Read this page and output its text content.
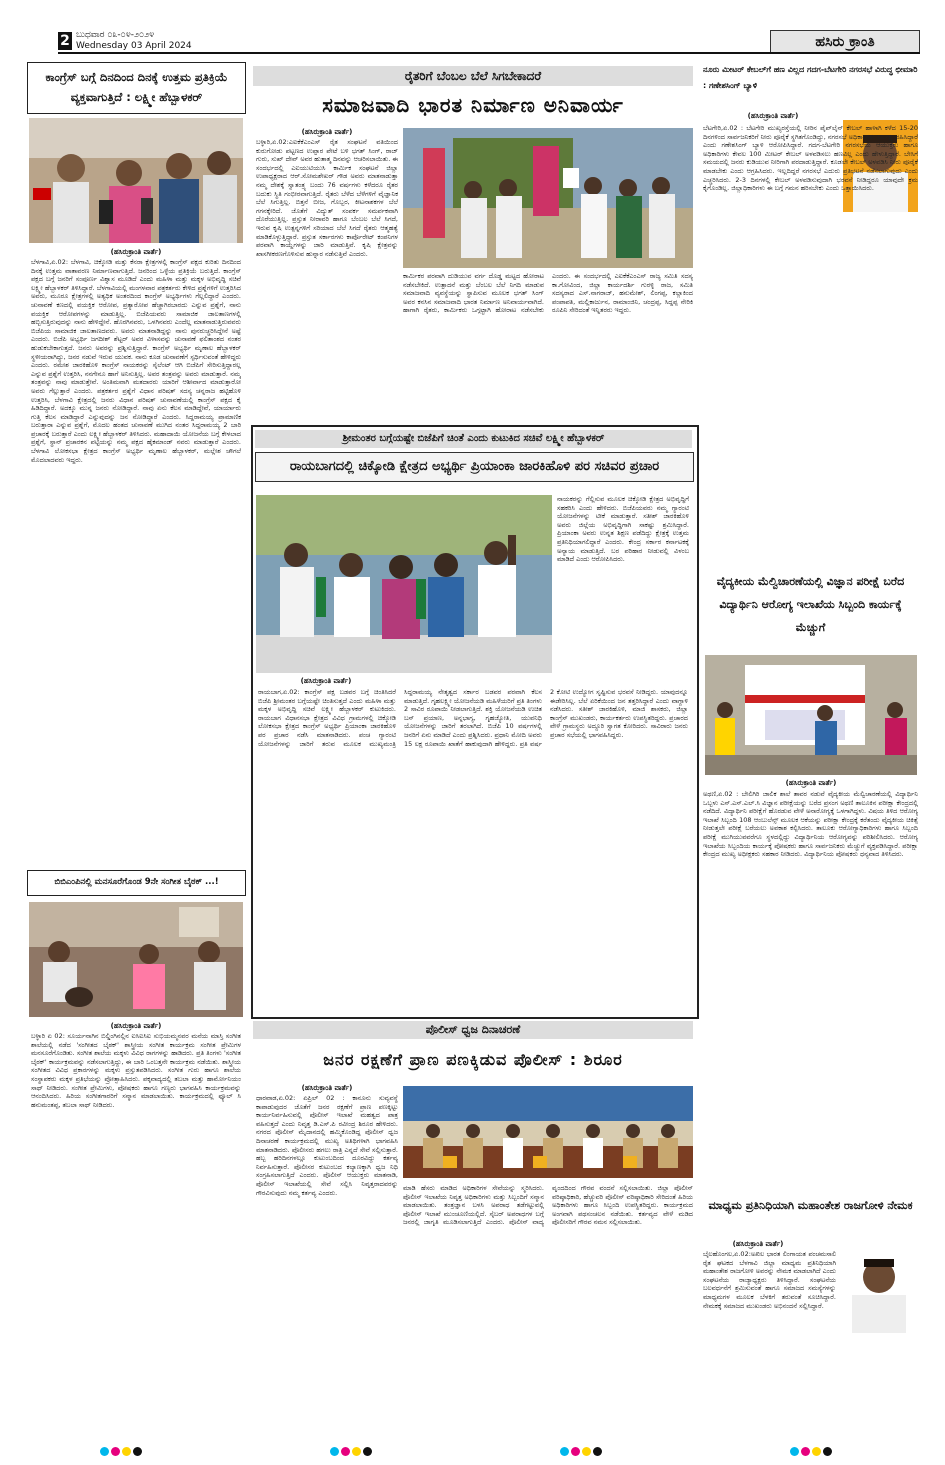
2 ಬುಧವಾರ ೦೩-೦೪-೨೦೨೪
Wednesday 03 April 2024	ಹಸಿರು ಕ್ರಾಂತಿ
ಕಾಂಗ್ರೆಸ್ ಬಗ್ಗೆ ದಿನದಿಂದ ದಿನಕ್ಕೆ ಉತ್ತಮ ಪ್ರತಿಕ್ರಿಯೆ ವ್ಯಕ್ತವಾಗುತ್ತಿದೆ : ಲಕ್ಷ್ಮೀ ಹೆಬ್ಬಾಳಕರ್
(ಹಸಿರುಕ್ರಾಂತಿ ವಾರ್ತೆ)
ಬೆಳಗಾವಿ,ಏ.02: ಬೆಳಗಾವಿ, ಚಿಕ್ಕೋಡಿ ಮತ್ತು ಕೆನರಾ ಕ್ಷೇತ್ರಗಳಲ್ಲಿ ಕಾಂಗ್ರೆಸ್ ಪಕ್ಷದ ಕುರಿತು ದಿನದಿಂದ ದಿನಕ್ಕೆ ಉತ್ತಮ ವಾತಾವರಣ ನಿರ್ಮಾಣವಾಗುತ್ತಿದೆ. ಜನರಿಂದ ಒಳ್ಳೆಯ ಪ್ರತಿಕ್ರಿಯೆ ಬರುತ್ತಿದೆ. ಕಾಂಗ್ರೆಸ್ ಪಕ್ಷದ ಬಗ್ಗೆ ಜನರಿಗೆ ಸಂಪೂರ್ಣ ವಿಶ್ವಾಸ ಮೂಡಿದೆ ಎಂದು ಮಹಿಳಾ ಮತ್ತು ಮಕ್ಕಳ ಅಭಿವೃದ್ಧಿ ಸಚಿವೆ ಲಕ್ಷ್ಮೀ ಹೆಬ್ಬಾಳಕರ್ ತಿಳಿಸಿದ್ದಾರೆ. ಬೆಳಗಾವಿಯಲ್ಲಿ ಮಂಗಳವಾರ ಪತ್ರಕರ್ತರು ಕೇಳಿದ ಪ್ರಶ್ನೆಗಳಿಗೆ ಉತ್ತರಿಸಿದ ಅವರು, ಮೂರೂ ಕ್ಷೇತ್ರಗಳಲ್ಲಿ ಅತ್ಯಧಿಕ ಅಂತರದಿಂದ ಕಾಂಗ್ರೆಸ್ ಅಭ್ಯರ್ಥಿಗಳು ಗೆಲ್ಲಲಿದ್ದಾರೆ ಎಂದರು. ಚುನಾವಣೆ ಕಣದಲ್ಲಿ ವಯಕ್ತಿಕ ಆರೋಪ, ಪ್ರತ್ಯಾರೋಪ ಹೆಚ್ಚಾಗಿರಬಾರದು ಎನ್ನುವ ಪ್ರಶ್ನೆಗೆ, ನಾನು ವಯಕ್ತಿಕ ಆರೋಪಗಳನ್ನು ಮಾಡುತ್ತಿಲ್ಲ. ಬಿಜೆಪಿಯವರು ಸಾಮಾಜಿಕ ಜಾಲತಾಣಗಳಲ್ಲಿ ಹಬ್ಬಿಸುತ್ತಿರುವುದನ್ನು ನಾನು ಹೇಳಿದ್ದೇನೆ. ಹೊರಗಿನವರು, ಒಳಗಿನವರು ಎಂದೆಲ್ಲ ಮಾತನಾಡುತ್ತಿರುವವರು ಬಿಜೆಪಿಯ ಸಾಮಾಜಿಕ ಜಾಲತಾಣದವರು. ಅವರು ಮಾತನಾಡಿದ್ದನ್ನು ನಾನು ಪುನರುಚ್ಚರಿಸಿದ್ದೇನೆ ಅಷ್ಟೆ ಎಂದರು. ಬಿಜೆಪಿ ಅಭ್ಯರ್ಥಿ ಜಗದೀಶ್ ಶೆಟ್ಟರ್ ಅವರ ವಿಳಾಸವನ್ನು ಚುನಾವಣೆ ಫಲಿತಾಂಶದ ನಂತರ ಹುಡುಕಬೇಕಾಗುತ್ತದೆ. ಜನರು ಅವರನ್ನು ಪ್ರಶ್ನಿಸುತ್ತಿದ್ದಾರೆ. ಕಾಂಗ್ರೆಸ್ ಅಭ್ಯರ್ಥಿ ಮೃಣಾಲ ಹೆಬ್ಬಾಳಕರ್ ಸ್ಥಳೀಯರಾಗಿದ್ದು, ಜನರ ನಡುವೆ ಇರುವ ಯುವಕ. ನಾನು ಕೂಡ ಚುನಾವಣೆಗೆ ಸ್ಪರ್ಧಿಸುವಂತೆ ಹೇಳಿದ್ದರು ಎಂದರು. ರಮೇಶ ಜಾರಕಿಹೊಳಿ ಕಾಂಗ್ರೆಸ್ ನಾಯಕರನ್ನು ಸೈಲೆಂಟ್ ಆಗಿ ಬಿಜೆಪಿಗೆ ಸೇರಿಸುತ್ತಿದ್ದಾರಲ್ಲ ಎನ್ನುವ ಪ್ರಶ್ನೆಗೆ ಉತ್ತರಿಸಿ, ನನಗೇನೂ ಹಾಗೆ ಅನಿಸುತ್ತಿಲ್ಲ. ಅವರ ತಂತ್ರವನ್ನು ಅವರು ಮಾಡುತ್ತಾರೆ. ನಮ್ಮ ತಂತ್ರವನ್ನು ನಾವು ಮಾಡುತ್ತೇವೆ. ಅಂತಿಮವಾಗಿ ಮತದಾರರು ಯಾರಿಗೆ ಆಶೀರ್ವಾದ ಮಾಡುತ್ತಾರೋ ಅವರು ಗೆಲ್ಲುತ್ತಾರೆ ಎಂದರು. ಪತ್ರಕರ್ತರ ಪ್ರಶ್ನೆಗೆ ವಿಧಾನ ಪರಿಷತ್ ಸದಸ್ಯ ಚನ್ನರಾಜ ಹಟ್ಟಿಹೊಳಿ ಉತ್ತರಿಸಿ, ಬೆಳಗಾವಿ ಕ್ಷೇತ್ರದಲ್ಲಿ ಜನರು ವಿಧಾನ ಪರಿಷತ್ ಚುನಾವಣೆಯಲ್ಲಿ ಕಾಂಗ್ರೆಸ್ ಪಕ್ಷದ ಕೈ ಹಿಡಿದಿದ್ದಾರೆ. ಅದಕ್ಕೂ ಮುನ್ನ ಜನರು ನೋಡಿದ್ದಾರೆ. ನಾವು ಏನು ಕೆಲಸ ಮಾಡಿದ್ದೇವೆ, ಯಾರ್ಯಾರು ಗುತ್ತಿ ಕೆಲಸ ಮಾಡಿದ್ದಾರೆ ಎನ್ನುವುದನ್ನು ಜನ ನೋಡಿದ್ದಾರೆ ಎಂದರು. ಸಿದ್ದರಾಮಯ್ಯ ಪ್ರಾಮಾಣಿಕ ಬರುತ್ತಾರಾ ಎನ್ನುವ ಪ್ರಶ್ನೆಗೆ, ಮೊದಲ ಹಂತದ ಚುನಾವಣೆ ಮುಗಿದ ನಂತರ ಸಿದ್ದರಾಮಯ್ಯ 2 ಬಾರಿ ಪ್ರಚಾರಕ್ಕೆ ಬರುತ್ತಾರೆ ಎಂದು ಲಕ್ಷ್ಮೀ ಹೆಬ್ಬಾಳಕರ್ ತಿಳಿಸಿದರು. ಮಹಾದಾಯಿ ಯೋಜನೆಯ ಬಗ್ಗೆ ಕೇಳಲಾದ ಪ್ರಶ್ನೆಗೆ, ಸ್ಥಾನ್ ಪ್ರಚಾರಕನ ಪಟ್ಟಿಯನ್ನು ನಮ್ಮ ಪಕ್ಷದ ಹೈಕಮಾಂಡ್ ನವರು ಮಾಡುತ್ತಾರೆ ಎಂದರು. ಬೆಳಗಾವಿ ಲೋಕಸಭಾ ಕ್ಷೇತ್ರದ ಕಾಂಗ್ರೆಸ್ ಅಭ್ಯರ್ಥಿ ಮೃಣಾಲ ಹೆಬ್ಬಾಳಕರ್, ಮಲ್ಲೇಶ ಚೌಗಲೆ ಮೊದಲಾದವರು ಇದ್ದರು.
ಬಿಬಿಎಂಪಿನಲ್ಲಿ ಮನಸೂರೆಗೊಂಡ 9ನೇ ಸಂಗೀತ ಬೈಠಕ್ ...!
(ಹಸಿರುಕ್ರಾಂತಿ ವಾರ್ತೆ)
ಬಳ್ಳಾರಿ ಏ 02: ಸೂರ್ಯನಾಗಿನ ಬಿಲ್ಡಿಂಗಿನಲ್ಲಿನ ಐಸಿಐಸಿಐ ಸುಭಿಯಮ್ಮನವರ ಮನೆಯ ಮಾಸ್ತಿ ಸಂಗೀತ ಶಾಲೆಯಲ್ಲಿ ನಡೆದ 'ಸಂಗೀತದ ಬೈಠಕ್' ಶಾಸ್ತ್ರೀಯ ಸಂಗೀತ ಕಾರ್ಯಕ್ರಮ ಸಂಗೀತ ಪ್ರೇಮಿಗಳ ಮನಸೂರೆಗೊಂಡಿತು. ಸಂಗೀತ ಶಾಲೆಯ ಮಕ್ಕಳು ವಿವಿಧ ರಾಗಗಳನ್ನು ಹಾಡಿದರು. ಪ್ರತಿ ತಿಂಗಳು 'ಸಂಗೀತ ಬೈಠಕ್' ಕಾರ್ಯಕ್ರಮವನ್ನು ನಡೆಸಲಾಗುತ್ತಿದ್ದು, ಈ ಬಾರಿ ಒಂಬತ್ತನೇ ಕಾರ್ಯಕ್ರಮ ನಡೆಯಿತು. ಶಾಸ್ತ್ರೀಯ ಸಂಗೀತದ ವಿವಿಧ ಪ್ರಕಾರಗಳನ್ನು ಮಕ್ಕಳು ಪ್ರಸ್ತುತಪಡಿಸಿದರು. ಸಂಗೀತ ಗುರು ಹಾಗೂ ಶಾಲೆಯ ಸಂಸ್ಥಾಪಕರು ಮಕ್ಕಳ ಪ್ರತಿಭೆಯನ್ನು ಪ್ರೋತ್ಸಾಹಿಸಿದರು. ಪಕ್ಕವಾದ್ಯದಲ್ಲಿ ತಬಲಾ ಮತ್ತು ಹಾರ್ಮೋನಿಯಂ ಸಾಥ್ ನೀಡಿದರು. ಸಂಗೀತ ಪ್ರೇಮಿಗಳು, ಪೋಷಕರು ಹಾಗೂ ಗಣ್ಯರು ಭಾಗವಹಿಸಿ ಕಾರ್ಯಕ್ರಮವನ್ನು ಆನಂದಿಸಿದರು. ಹಿರಿಯ ಸಂಗೀತಗಾರರಿಗೆ ಸನ್ಮಾನ ಮಾಡಲಾಯಿತು. ಕಾರ್ಯಕ್ರಮದಲ್ಲಿ ಫ್ಯೂಲ್ ಸಿ ಹನುಮಂತಪ್ಪ, ತಬಲಾ ಸಾಥ್ ನೀಡಿದರು.
ರೈತರಿಗೆ ಬೆಂಬಲ ಬೆಲೆ ಸಿಗಬೇಕಾದರೆ
ಸಮಾಜವಾದಿ ಭಾರತ ನಿರ್ಮಾಣ ಅನಿವಾರ್ಯ
(ಹಸಿರುಕ್ರಾಂತಿ ವಾರ್ತೆ)
ಬಳ್ಳಾರಿ,ಏ.02:ಎಐಕೆಕೆಎಂಎಸ್ ರೈತ ಸಂಘಟನೆ ವತಿಯಿಂದ ಕುರುಗೋಡು ಪಟ್ಟಣದ ಉಪ್ಪಾರ ಪೇಟೆ ಬಳಿ ಭಗತ್ ಸಿಂಗ್, ರಾಜ್ ಗುರು, ಸುಖ್ ದೇವ್ ಅವರ ಹುತಾತ್ಮ ದಿನವನ್ನು ಆಚರಿಸಲಾಯಿತು. ಈ ಸಂದರ್ಭದಲ್ಲಿ ಎಐಯುಟಿಯುಸಿ ಕಾರ್ಮಿಕ ಸಂಘಟನೆ ಜಿಲ್ಲಾ ಉಪಾಧ್ಯಕ್ಷರಾದ ಆರ್.ಸೋಮಶೇಖರ್ ಗೌಡ ಅವರು ಮಾತನಾಡುತ್ತಾ ನಮ್ಮ ದೇಶಕ್ಕೆ ಸ್ವಾತಂತ್ರ್ಯ ಬಂದು 76 ವರ್ಷಗಳು ಕಳೆದರೂ ರೈತರ ಬದುಕು ಸ್ಥಿತಿ ಗಂಭೀರವಾಗುತ್ತಿದೆ. ರೈತರು ಬೆಳೆದ ಬೆಳೆಗಳಿಗೆ ವೈಜ್ಞಾನಿಕ ಬೆಲೆ ಸಿಗುತ್ತಿಲ್ಲ. ಬಿತ್ತನೆ ಬೀಜ, ಗೊಬ್ಬರ, ಕೀಟನಾಶಕಗಳ ಬೆಲೆ ಗಗನಕ್ಕೇರಿದೆ. ಜೊತೆಗೆ ವಿದ್ಯುತ್ ಸಂಪರ್ಕ ಸಮರ್ಪಕವಾಗಿ ದೊರೆಯುತ್ತಿಲ್ಲ. ಪ್ರಸ್ತುತ ನೀರಾವರಿ ಹಾಗೂ ಬೆಂಬಲ ಬೆಲೆ ಸಿಗದೆ, ಇರುವ ಕೃಷಿ ಉತ್ಪನ್ನಗಳಿಗೆ ಸರಿಯಾದ ಬೆಲೆ ಸಿಗದೆ ರೈತರು ಆತ್ಮಹತ್ಯೆ ಮಾಡಿಕೊಳ್ಳುತ್ತಿದ್ದಾರೆ. ಪ್ರಸ್ತುತ ಸರ್ಕಾರಗಳು ಕಾರ್ಪೊರೇಟ್ ಕಂಪನಿಗಳ ಪರವಾಗಿ ಕಾಯ್ದೆಗಳನ್ನು ಜಾರಿ ಮಾಡುತ್ತಿವೆ. ಕೃಷಿ ಕ್ಷೇತ್ರವನ್ನು ಖಾಸಗೀಕರಣಗೊಳಿಸುವ ಹುನ್ನಾರ ನಡೆಸುತ್ತಿವೆ ಎಂದರು.
ಕಾರ್ಮಿಕರ ಪರವಾಗಿ ದುಡಿಯುವ ವರ್ಗ ದೊಡ್ಡ ಮಟ್ಟದ ಹೋರಾಟ ನಡೆಸಬೇಕಿದೆ. ಉತ್ಪಾದನೆ ಮತ್ತು ಬೆಂಬಲ ಬೆಲೆ ನಿಗದಿ ಮಾಡುವ ಸಮಾಜವಾದಿ ವ್ಯವಸ್ಥೆಯನ್ನು ಸ್ಥಾಪಿಸುವ ಮೂಲಕ ಭಗತ್ ಸಿಂಗ್ ಅವರ ಕನಸಿನ ಸಮಾಜವಾದಿ ಭಾರತ ನಿರ್ಮಾಣ ಅನಿವಾರ್ಯವಾಗಿದೆ. ಹಾಗಾಗಿ ರೈತರು, ಕಾರ್ಮಿಕರು ಒಗ್ಗಟ್ಟಾಗಿ ಹೋರಾಟ ನಡೆಸಬೇಕು ಎಂದರು. ಈ ಸಂದರ್ಭದಲ್ಲಿ ಎಐಕೆಕೆಎಂಎಸ್ ರಾಜ್ಯ ಸಮಿತಿ ಸದಸ್ಯ ಕಾ.ಗೋವಿಂದ, ಜಿಲ್ಲಾ ಕಾರ್ಯದರ್ಶಿ ಗುರಳ್ಳಿ ರಾಜ, ಸಮಿತಿ ಸದಸ್ಯರಾದ ಎಸ್.ನಾಗರಾಜ್, ಹನುಮೇಶ್, ಲಿಂಗಪ್ಪ, ಕಲ್ಲಾಕಿಂದ ಪಂಪಾಪತಿ, ಮಲ್ಲಿಕಾರ್ಜುನ, ರಾಮಾಂಜಿನಿ, ಚಂದ್ರಪ್ಪ, ಸಿದ್ದಪ್ಪ ನೇರಿಕಿ ರೂಪಿನಿ ಸೇರಿದಂತೆ ಇನ್ನಿತರರು ಇದ್ದರು.
ಶ್ರೀಮಂತರ ಬಗ್ಗೆಯಷ್ಟೇ ಬಿಜೆಪಿಗೆ ಚಿಂತೆ ಎಂದು ಕುಟುಕಿದ ಸಚಿವೆ ಲಕ್ಷ್ಮೀ ಹೆಬ್ಬಾಳಕರ್
ರಾಯಬಾಗದಲ್ಲಿ ಚಿಕ್ಕೋಡಿ ಕ್ಷೇತ್ರದ ಅಭ್ಯರ್ಥಿ ಪ್ರಿಯಾಂಕಾ ಜಾರಕಿಹೊಳಿ ಪರ ಸಚಿವರ ಪ್ರಚಾರ
ನಾಯಕರನ್ನು ಗೆಲ್ಲಿಸುವ ಮೂಲಕ ಚಿಕ್ಕೋಡಿ ಕ್ಷೇತ್ರದ ಅಭಿವೃದ್ಧಿಗೆ ಸಹಕರಿಸಿ ಎಂದು ಹೇಳಿದರು. ಬಿಜೆಪಿಯವರು ನಮ್ಮ ಗ್ಯಾರಂಟಿ ಯೋಜನೆಗಳನ್ನು ಟೀಕೆ ಮಾಡುತ್ತಾರೆ. ಸತೀಶ್ ಜಾರಕಿಹೊಳಿ ಅವರು ಜಿಲ್ಲೆಯ ಅಭಿವೃದ್ಧಿಗಾಗಿ ಸಾಕಷ್ಟು ಶ್ರಮಿಸಿದ್ದಾರೆ. ಪ್ರಿಯಾಂಕಾ ಅವರು ಉನ್ನತ ಶಿಕ್ಷಣ ಪಡೆದಿದ್ದು ಕ್ಷೇತ್ರಕ್ಕೆ ಉತ್ತಮ ಪ್ರತಿನಿಧಿಯಾಗಲಿದ್ದಾರೆ ಎಂದರು. ಕೇಂದ್ರ ಸರ್ಕಾರ ಕರ್ನಾಟಕಕ್ಕೆ ಅನ್ಯಾಯ ಮಾಡುತ್ತಿದೆ. ಬರ ಪರಿಹಾರ ನೀಡುವಲ್ಲಿ ವಿಳಂಬ ಮಾಡಿದೆ ಎಂದು ಆರೋಪಿಸಿದರು.
(ಹಸಿರುಕ್ರಾಂತಿ ವಾರ್ತೆ)
ರಾಯಬಾಗ,ಏ.02: ಕಾಂಗ್ರೆಸ್ ಪಕ್ಷ ಬಡವರ ಬಗ್ಗೆ ಚಿಂತಿಸಿದರೆ ಬಿಜೆಪಿ ಶ್ರೀಮಂತರ ಬಗ್ಗೆಯಷ್ಟೇ ಚಿಂತಿಸುತ್ತದೆ ಎಂದು ಮಹಿಳಾ ಮತ್ತು ಮಕ್ಕಳ ಅಭಿವೃದ್ಧಿ ಸಚಿವೆ ಲಕ್ಷ್ಮೀ ಹೆಬ್ಬಾಳಕರ್ ಕುಟುಕಿದರು. ರಾಯಬಾಗ ವಿಧಾನಸಭಾ ಕ್ಷೇತ್ರದ ವಿವಿಧ ಗ್ರಾಮಗಳಲ್ಲಿ ಚಿಕ್ಕೋಡಿ ಲೋಕಸಭಾ ಕ್ಷೇತ್ರದ ಕಾಂಗ್ರೆಸ್ ಅಭ್ಯರ್ಥಿ ಪ್ರಿಯಾಂಕಾ ಜಾರಕಿಹೊಳಿ ಪರ ಪ್ರಚಾರ ನಡೆಸಿ ಮಾತನಾಡಿದರು. ಪಂಚ ಗ್ಯಾರಂಟಿ ಯೋಜನೆಗಳನ್ನು ಜಾರಿಗೆ ತರುವ ಮೂಲಕ ಮುಖ್ಯಮಂತ್ರಿ ಸಿದ್ದರಾಮಯ್ಯ ನೇತೃತ್ವದ ಸರ್ಕಾರ ಬಡವರ ಪರವಾಗಿ ಕೆಲಸ ಮಾಡುತ್ತಿದೆ. ಗೃಹಲಕ್ಷ್ಮೀ ಯೋಜನೆಯಡಿ ಮಹಿಳೆಯರಿಗೆ ಪ್ರತಿ ತಿಂಗಳು 2 ಸಾವಿರ ರೂಪಾಯಿ ನೀಡಲಾಗುತ್ತಿದೆ. ಶಕ್ತಿ ಯೋಜನೆಯಡಿ ಉಚಿತ ಬಸ್ ಪ್ರಯಾಣ, ಅನ್ನಭಾಗ್ಯ, ಗೃಹಜ್ಯೋತಿ, ಯುವನಿಧಿ ಯೋಜನೆಗಳನ್ನು ಜಾರಿಗೆ ತರಲಾಗಿದೆ. ಬಿಜೆಪಿ 10 ವರ್ಷಗಳಲ್ಲಿ ಜನರಿಗೆ ಏನು ಮಾಡಿದೆ ಎಂದು ಪ್ರಶ್ನಿಸಿದರು. ಪ್ರಧಾನಿ ಮೋದಿ ಅವರು 15 ಲಕ್ಷ ರೂಪಾಯಿ ಖಾತೆಗೆ ಹಾಕುವುದಾಗಿ ಹೇಳಿದ್ದರು. ಪ್ರತಿ ವರ್ಷ 2 ಕೋಟಿ ಉದ್ಯೋಗ ಸೃಷ್ಟಿಸುವ ಭರವಸೆ ನೀಡಿದ್ದರು. ಯಾವುದನ್ನೂ ಈಡೇರಿಸಿಲ್ಲ. ಬೆಲೆ ಏರಿಕೆಯಿಂದ ಜನ ತತ್ತರಿಸಿದ್ದಾರೆ ಎಂದು ವಾಗ್ದಾಳಿ ನಡೆಸಿದರು. ಸತೀಶ್ ಜಾರಕಿಹೊಳಿ, ಮಾಜಿ ಶಾಸಕರು, ಜಿಲ್ಲಾ ಕಾಂಗ್ರೆಸ್ ಮುಖಂಡರು, ಕಾರ್ಯಕರ್ತರು ಉಪಸ್ಥಿತರಿದ್ದರು. ಪ್ರಚಾರದ ವೇಳೆ ಗ್ರಾಮಸ್ಥರು ಅದ್ದೂರಿ ಸ್ವಾಗತ ಕೋರಿದರು. ಸಾವಿರಾರು ಜನರು ಪ್ರಚಾರ ಸಭೆಯಲ್ಲಿ ಭಾಗವಹಿಸಿದ್ದರು.
ಪೊಲೀಸ್ ಧ್ವಜ ದಿನಾಚರಣೆ
ಜನರ ರಕ್ಷಣೆಗೆ ಪ್ರಾಣ ಪಣಕ್ಕಿಡುವ ಪೊಲೀಸ್ : ಶಿರೂರ
(ಹಸಿರುಕ್ರಾಂತಿ ವಾರ್ತೆ)
ಧಾರವಾಡ,ಏ.02: ಏಪ್ರಿಲ್ 02 : ಕಾನೂನು ಸುವ್ಯವಸ್ಥೆ ಕಾಪಾಡುವುದರ ಜೊತೆಗೆ ಜನರ ರಕ್ಷಣೆಗೆ ಪ್ರಾಣ ಪಣಕ್ಕಿಟ್ಟು ಕಾರ್ಯನಿರ್ವಹಿಸುವಲ್ಲಿ ಪೊಲೀಸ್ ಇಲಾಖೆ ಮಹತ್ವದ ಪಾತ್ರ ವಹಿಸುತ್ತದೆ ಎಂದು ನಿವೃತ್ತ ಡಿ.ಎಸ್.ಪಿ ರವೀಂದ್ರ ಶಿರೂರ ಹೇಳಿದರು. ನಗರದ ಪೊಲೀಸ್ ಮೈದಾನದಲ್ಲಿ ಹಮ್ಮಿಕೊಂಡಿದ್ದ ಪೊಲೀಸ್ ಧ್ವಜ ದಿನಾಚರಣೆ ಕಾರ್ಯಕ್ರಮದಲ್ಲಿ ಮುಖ್ಯ ಅತಿಥಿಗಳಾಗಿ ಭಾಗವಹಿಸಿ ಮಾತನಾಡಿದರು. ಪೊಲೀಸರು ಹಗಲು ರಾತ್ರಿ ಎನ್ನದೆ ಸೇವೆ ಸಲ್ಲಿಸುತ್ತಾರೆ. ಹಬ್ಬ ಹರಿದಿನಗಳಲ್ಲೂ ಕುಟುಂಬದಿಂದ ದೂರವಿದ್ದು ಕರ್ತವ್ಯ ನಿರ್ವಹಿಸುತ್ತಾರೆ. ಪೊಲೀಸರ ಕುಟುಂಬದ ಕಲ್ಯಾಣಕ್ಕಾಗಿ ಧ್ವಜ ನಿಧಿ ಸಂಗ್ರಹಿಸಲಾಗುತ್ತಿದೆ ಎಂದರು. ಪೊಲೀಸ್ ಆಯುಕ್ತರು ಮಾತನಾಡಿ, ಪೊಲೀಸ್ ಇಲಾಖೆಯಲ್ಲಿ ಸೇವೆ ಸಲ್ಲಿಸಿ ನಿವೃತ್ತರಾದವರನ್ನು ಗೌರವಿಸುವುದು ನಮ್ಮ ಕರ್ತವ್ಯ ಎಂದರು.
ಮಾಡಿ ಹೆಸರು ಮಾಡಿದ ಅಧಿಕಾರಿಗಳ ಸೇವೆಯನ್ನು ಸ್ಮರಿಸಿದರು. ಪೊಲೀಸ್ ಇಲಾಖೆಯ ನಿವೃತ್ತ ಅಧಿಕಾರಿಗಳು ಮತ್ತು ಸಿಬ್ಬಂದಿಗೆ ಸನ್ಮಾನ ಮಾಡಲಾಯಿತು. ತಂತ್ರಜ್ಞಾನ ಬಳಸಿ ಅಪರಾಧ ತಡೆಗಟ್ಟುವಲ್ಲಿ ಪೊಲೀಸ್ ಇಲಾಖೆ ಮುಂಚೂಣಿಯಲ್ಲಿದೆ. ಸೈಬರ್ ಅಪರಾಧಗಳ ಬಗ್ಗೆ ಜನರಲ್ಲಿ ಜಾಗೃತಿ ಮೂಡಿಸಲಾಗುತ್ತಿದೆ ಎಂದರು. ಪೊಲೀಸ್ ವಾದ್ಯ ವೃಂದದಿಂದ ಗೌರವ ವಂದನೆ ಸಲ್ಲಿಸಲಾಯಿತು. ಜಿಲ್ಲಾ ಪೊಲೀಸ್ ವರಿಷ್ಠಾಧಿಕಾರಿ, ಹೆಚ್ಚುವರಿ ಪೊಲೀಸ್ ವರಿಷ್ಠಾಧಿಕಾರಿ ಸೇರಿದಂತೆ ಹಿರಿಯ ಅಧಿಕಾರಿಗಳು ಹಾಗೂ ಸಿಬ್ಬಂದಿ ಉಪಸ್ಥಿತರಿದ್ದರು. ಕಾರ್ಯಕ್ರಮದ ಅಂಗವಾಗಿ ಪಥಸಂಚಲನ ನಡೆಯಿತು. ಕರ್ತವ್ಯದ ವೇಳೆ ಮಡಿದ ಪೊಲೀಸರಿಗೆ ಗೌರವ ನಮನ ಸಲ್ಲಿಸಲಾಯಿತು.
ನೂರು ಮೀಟರ್ ಕೇಬಲ್‌ಗೆ ಹಣ ವಿಲ್ಲದ ಗದಗ-ಬೆಟಗೇರಿ ನಗರಸಭೆ ವಿರುದ್ಧ ಛೀಮಾರಿ : ಗಣೇಶಸಿಂಗ್ ಬ್ಯಾಳಿ
(ಹಸಿರುಕ್ರಾಂತಿ ವಾರ್ತೆ)
ಬೆಟಗೇರಿ,ಏ.02 : ಬೆಟಗೇರಿ ಮುಖ್ಯರಸ್ತೆಯಲ್ಲಿ ನೀರಿನ ಪೈಪ್‌ಲೈನ್ ಕೇಬಲ್ ಹಾಳಾಗಿ ಕಳೆದ 15-20 ದಿನಗಳಿಂದ ಸಾರ್ವಜನಿಕರಿಗೆ ನೀರು ಪೂರೈಕೆ ಸ್ಥಗಿತಗೊಂಡಿದ್ದು, ನಗರಸಭೆ ಅಧಿಕಾರಿಗಳು ನಿರ್ಲಕ್ಷ್ಯ ವಹಿಸಿದ್ದಾರೆ ಎಂದು ಗಣೇಶಸಿಂಗ್ ಬ್ಯಾಳಿ ಆರೋಪಿಸಿದ್ದಾರೆ. ಗದಗ-ಬೆಟಗೇರಿ ನಗರಸಭೆಯ ಆಯುಕ್ತರು ಹಾಗೂ ಅಧಿಕಾರಿಗಳು ಕೇವಲ 100 ಮೀಟರ್ ಕೇಬಲ್ ಅಳವಡಿಸಲು ಹಣವಿಲ್ಲ ಎಂದು ಹೇಳುತ್ತಿದ್ದಾರೆ. ಬೇಸಿಗೆ ಸಮಯದಲ್ಲಿ ಜನರು ಕುಡಿಯುವ ನೀರಿಗಾಗಿ ಪರದಾಡುತ್ತಿದ್ದಾರೆ. ಕೂಡಲೇ ಕೇಬಲ್ ಅಳವಡಿಸಿ ನೀರು ಪೂರೈಕೆ ಮಾಡಬೇಕು ಎಂದು ಆಗ್ರಹಿಸಿದರು. ಇಲ್ಲದಿದ್ದರೆ ನಗರಸಭೆ ಎದುರು ಪ್ರತಿಭಟನೆ ನಡೆಸಲಾಗುವುದು ಎಂದು ಎಚ್ಚರಿಸಿದರು. 2-3 ದಿನಗಳಲ್ಲಿ ಕೇಬಲ್ ಅಳವಡಿಸುವುದಾಗಿ ಭರವಸೆ ನೀಡಿದ್ದರೂ ಯಾವುದೇ ಕ್ರಮ ಕೈಗೊಂಡಿಲ್ಲ. ಜಿಲ್ಲಾಧಿಕಾರಿಗಳು ಈ ಬಗ್ಗೆ ಗಮನ ಹರಿಸಬೇಕು ಎಂದು ಒತ್ತಾಯಿಸಿದರು.
ವೈದ್ಯಕೀಯ ಮೆಲ್ವಿಚಾರಣೆಯಲ್ಲಿ ವಿಜ್ಞಾನ ಪರೀಕ್ಷೆ ಬರೆದ ವಿದ್ಯಾರ್ಥಿನಿ ಆರೋಗ್ಯ ಇಲಾಖೆಯ ಸಿಬ್ಬಂದಿ ಕಾರ್ಯಕ್ಕೆ ಮೆಚ್ಚುಗೆ
(ಹಸಿರುಕ್ರಾಂತಿ ವಾರ್ತೆ)
ಅಥಣಿ,ಏ.02 : ಬೇಲಿಗಿರಿ ಜಾಲಿಕ ಶಾಲೆ ತಾವರ ನಡುವೆ ವೈದ್ಯಕೀಯ ಮೆಲ್ವಿಚಾರಣೆಯಲ್ಲಿ ವಿದ್ಯಾರ್ಥಿನಿ ಒಬ್ಬಳು ಎಸ್.ಎಸ್.ಎಲ್.ಸಿ ವಿಜ್ಞಾನ ಪರೀಕ್ಷೆಯನ್ನು ಬರೆದ ಪ್ರಸಂಗ ಅಥಣಿ ತಾಲೂಕಿನ ಪರೀಕ್ಷಾ ಕೇಂದ್ರದಲ್ಲಿ ನಡೆದಿದೆ. ವಿದ್ಯಾರ್ಥಿನಿ ಪರೀಕ್ಷೆಗೆ ಹೊರಡುವ ವೇಳೆ ಅನಾರೋಗ್ಯಕ್ಕೆ ಒಳಗಾಗಿದ್ದಳು. ವಿಷಯ ತಿಳಿದ ಆರೋಗ್ಯ ಇಲಾಖೆ ಸಿಬ್ಬಂದಿ 108 ಆಂಬುಲೆನ್ಸ್ ಮೂಲಕ ಆಕೆಯನ್ನು ಪರೀಕ್ಷಾ ಕೇಂದ್ರಕ್ಕೆ ಕರೆತಂದು ವೈದ್ಯಕೀಯ ಚಿಕಿತ್ಸೆ ನೀಡುತ್ತಲೇ ಪರೀಕ್ಷೆ ಬರೆಯಲು ಅವಕಾಶ ಕಲ್ಪಿಸಿದರು. ತಾಲೂಕು ಆರೋಗ್ಯಾಧಿಕಾರಿಗಳು ಹಾಗೂ ಸಿಬ್ಬಂದಿ ಪರೀಕ್ಷೆ ಮುಗಿಯುವವರೆಗೂ ಸ್ಥಳದಲ್ಲಿದ್ದು ವಿದ್ಯಾರ್ಥಿನಿಯ ಆರೋಗ್ಯವನ್ನು ಪರಿಶೀಲಿಸಿದರು. ಆರೋಗ್ಯ ಇಲಾಖೆಯ ಸಿಬ್ಬಂದಿಯ ಕಾರ್ಯಕ್ಕೆ ಪೋಷಕರು ಹಾಗೂ ಸಾರ್ವಜನಿಕರು ಮೆಚ್ಚುಗೆ ವ್ಯಕ್ತಪಡಿಸಿದ್ದಾರೆ. ಪರೀಕ್ಷಾ ಕೇಂದ್ರದ ಮುಖ್ಯ ಅಧೀಕ್ಷಕರು ಸಹಕಾರ ನೀಡಿದರು. ವಿದ್ಯಾರ್ಥಿನಿಯ ಪೋಷಕರು ಧನ್ಯವಾದ ತಿಳಿಸಿದರು.
ಮಾಧ್ಯಮ ಪ್ರತಿನಿಧಿಯಾಗಿ ಮಹಾಂತೇಶ ರಾಜಗೋಳಿ ನೇಮಕ
(ಹಸಿರುಕ್ರಾಂತಿ ವಾರ್ತೆ)
ಬೈಲಹೊಂಗಲ,ಏ.02:ಅಖಿಲ ಭಾರತ ಲಿಂಗಾಯತ ಪಂಚಮಸಾಲಿ ರೈತ ಘಟಕದ ಬೆಳಗಾವಿ ಜಿಲ್ಲಾ ಮಾಧ್ಯಮ ಪ್ರತಿನಿಧಿಯಾಗಿ ಮಹಾಂತೇಶ ರಾಜಗೋಳಿ ಅವರನ್ನು ನೇಮಕ ಮಾಡಲಾಗಿದೆ ಎಂದು ಸಂಘಟನೆಯ ರಾಜ್ಯಾಧ್ಯಕ್ಷರು ತಿಳಿಸಿದ್ದಾರೆ. ಸಂಘಟನೆಯ ಬಲವರ್ಧನೆಗೆ ಶ್ರಮಿಸುವಂತೆ ಹಾಗೂ ಸಮಾಜದ ಸಮಸ್ಯೆಗಳನ್ನು ಮಾಧ್ಯಮಗಳ ಮೂಲಕ ಬೆಳಕಿಗೆ ತರುವಂತೆ ಸೂಚಿಸಿದ್ದಾರೆ. ನೇಮಕಕ್ಕೆ ಸಮಾಜದ ಮುಖಂಡರು ಅಭಿನಂದನೆ ಸಲ್ಲಿಸಿದ್ದಾರೆ.
